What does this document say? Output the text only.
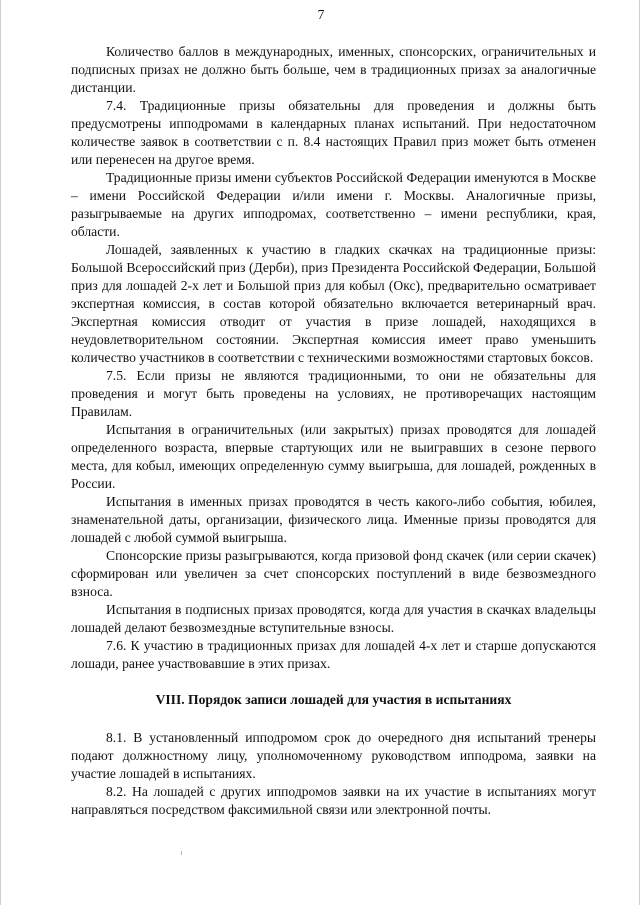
7

Количество баллов в международных, именных, спонсорских, ограничительных и подписных призах не должно быть больше, чем в традиционных призах за аналогичные дистанции.

7.4. Традиционные призы обязательны для проведения и должны быть предусмотрены ипподромами в календарных планах испытаний. При недостаточном количестве заявок в соответствии с п. 8.4 настоящих Правил приз может быть отменен или перенесен на другое время.

Традиционные призы имени субъектов Российской Федерации именуются в Москве – имени Российской Федерации и/или имени г. Москвы. Аналогичные призы, разыгрываемые на других ипподромах, соответственно – имени республики, края, области.

Лошадей, заявленных к участию в гладких скачках на традиционные призы: Большой Всероссийский приз (Дерби), приз Президента Российской Федерации, Большой приз для лошадей 2-х лет и Большой приз для кобыл (Окс), предварительно осматривает экспертная комиссия, в состав которой обязательно включается ветеринарный врач. Экспертная комиссия отводит от участия в призе лошадей, находящихся в неудовлетворительном состоянии. Экспертная комиссия имеет право уменьшить количество участников в соответствии с техническими возможностями стартовых боксов.

7.5. Если призы не являются традиционными, то они не обязательны для проведения и могут быть проведены на условиях, не противоречащих настоящим Правилам.

Испытания в ограничительных (или закрытых) призах проводятся для лошадей определенного возраста, впервые стартующих или не выигравших в сезоне первого места, для кобыл, имеющих определенную сумму выигрыша, для лошадей, рожденных в России.

Испытания в именных призах проводятся в честь какого-либо события, юбилея, знаменательной даты, организации, физического лица. Именные призы проводятся для лошадей с любой суммой выигрыша.

Спонсорские призы разыгрываются, когда призовой фонд скачек (или серии скачек) сформирован или увеличен за счет спонсорских поступлений в виде безвозмездного взноса.

Испытания в подписных призах проводятся, когда для участия в скачках владельцы лошадей делают безвозмездные вступительные взносы.

7.6. К участию в традиционных призах для лошадей 4-х лет и старше допускаются лошади, ранее участвовавшие в этих призах.

VIII. Порядок записи лошадей для участия в испытаниях

8.1. В установленный ипподромом срок до очередного дня испытаний тренеры подают должностному лицу, уполномоченному руководством ипподрома, заявки на участие лошадей в испытаниях.

8.2. На лошадей с других ипподромов заявки на их участие в испытаниях могут направляться посредством факсимильной связи или электронной почты.
